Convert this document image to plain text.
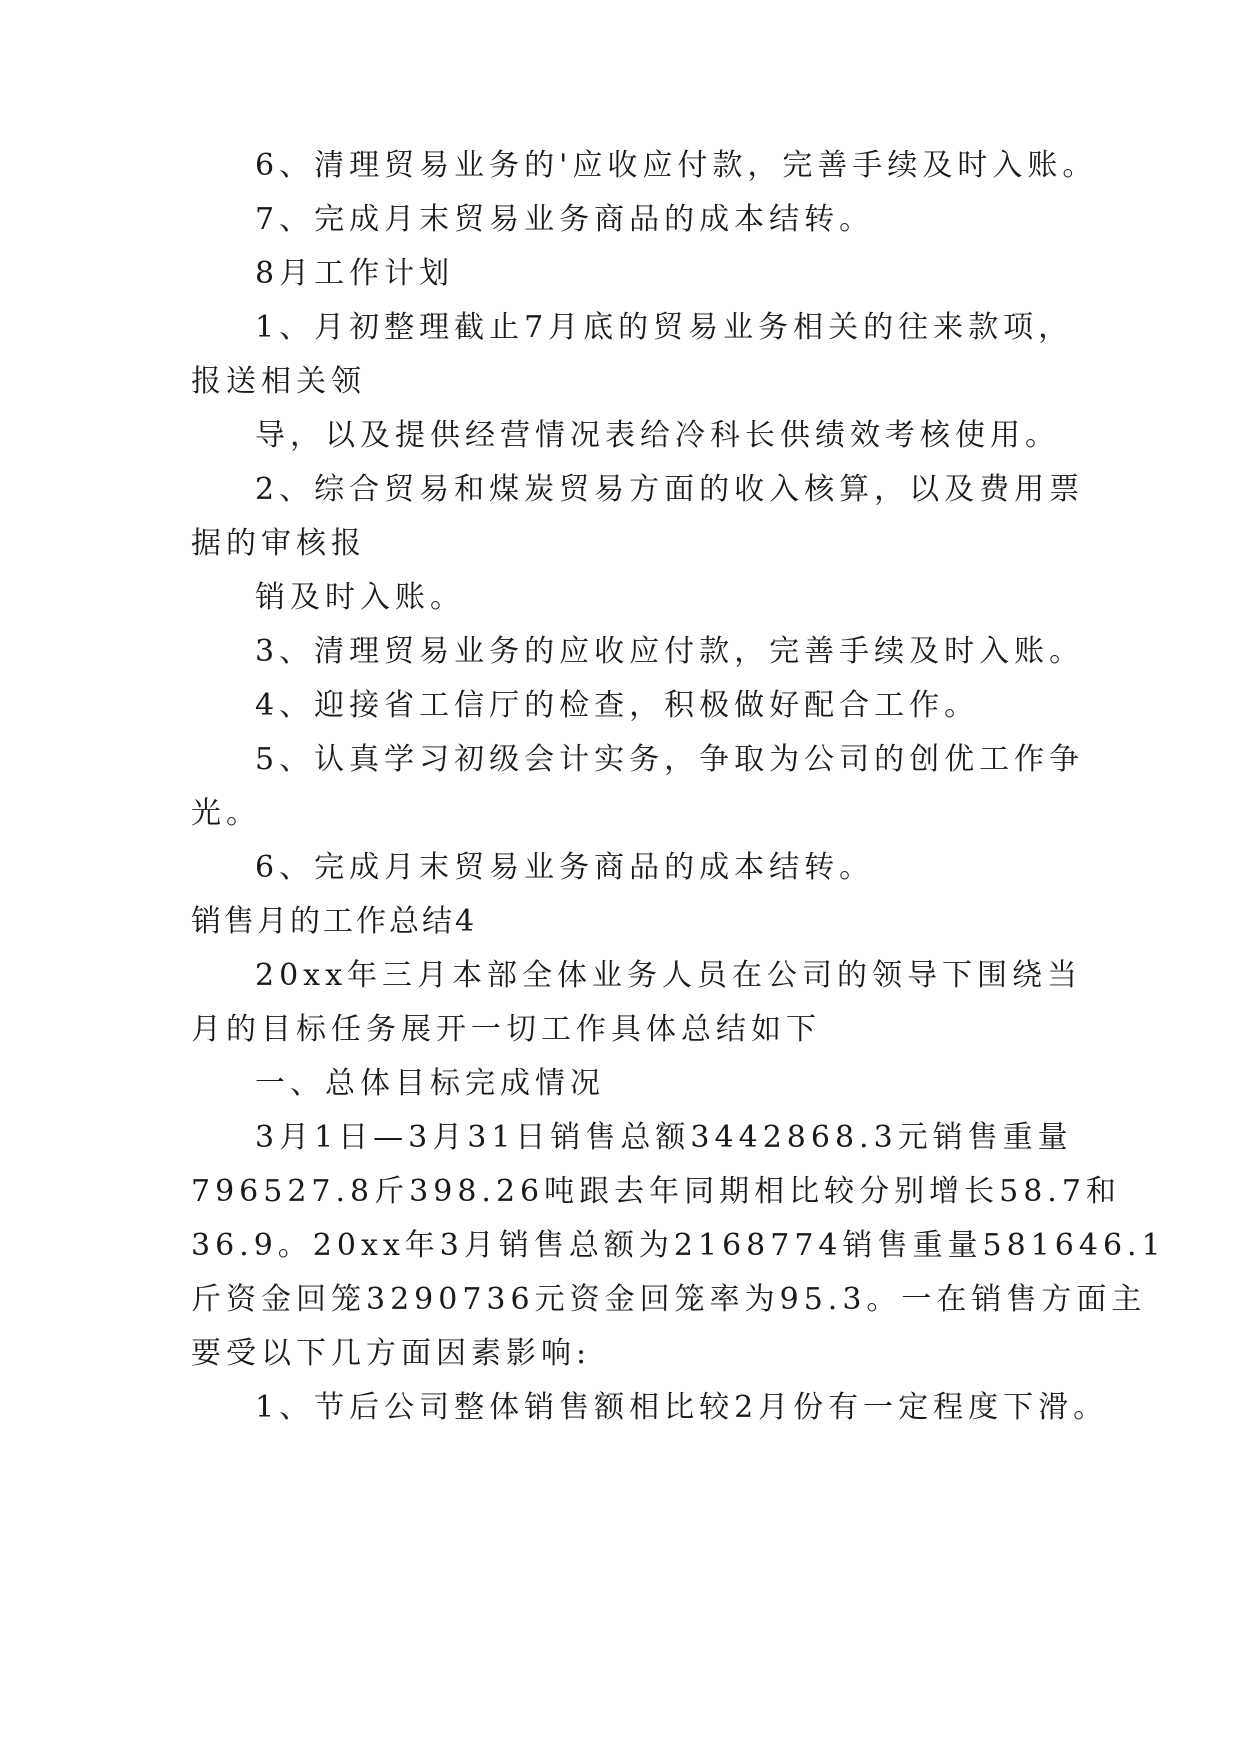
6、清理贸易业务的'应收应付款，完善手续及时入账。
7、完成月末贸易业务商品的成本结转。
8月工作计划
1、月初整理截止7月底的贸易业务相关的往来款项，
报送相关领
导，以及提供经营情况表给冷科长供绩效考核使用。
2、综合贸易和煤炭贸易方面的收入核算，以及费用票
据的审核报
销及时入账。
3、清理贸易业务的应收应付款，完善手续及时入账。
4、迎接省工信厅的检查，积极做好配合工作。
5、认真学习初级会计实务，争取为公司的创优工作争
光。
6、完成月末贸易业务商品的成本结转。
销售月的工作总结4
20xx年三月本部全体业务人员在公司的领导下围绕当
月的目标任务展开一切工作具体总结如下
一、总体目标完成情况
3月1日—3月31日销售总额3442868.3元销售重量
796527.8斤398.26吨跟去年同期相比较分别增长58.7和
36.9。20xx年3月销售总额为2168774销售重量581646.1
斤资金回笼3290736元资金回笼率为95.3。一在销售方面主
要受以下几方面因素影响:
1、节后公司整体销售额相比较2月份有一定程度下滑。
